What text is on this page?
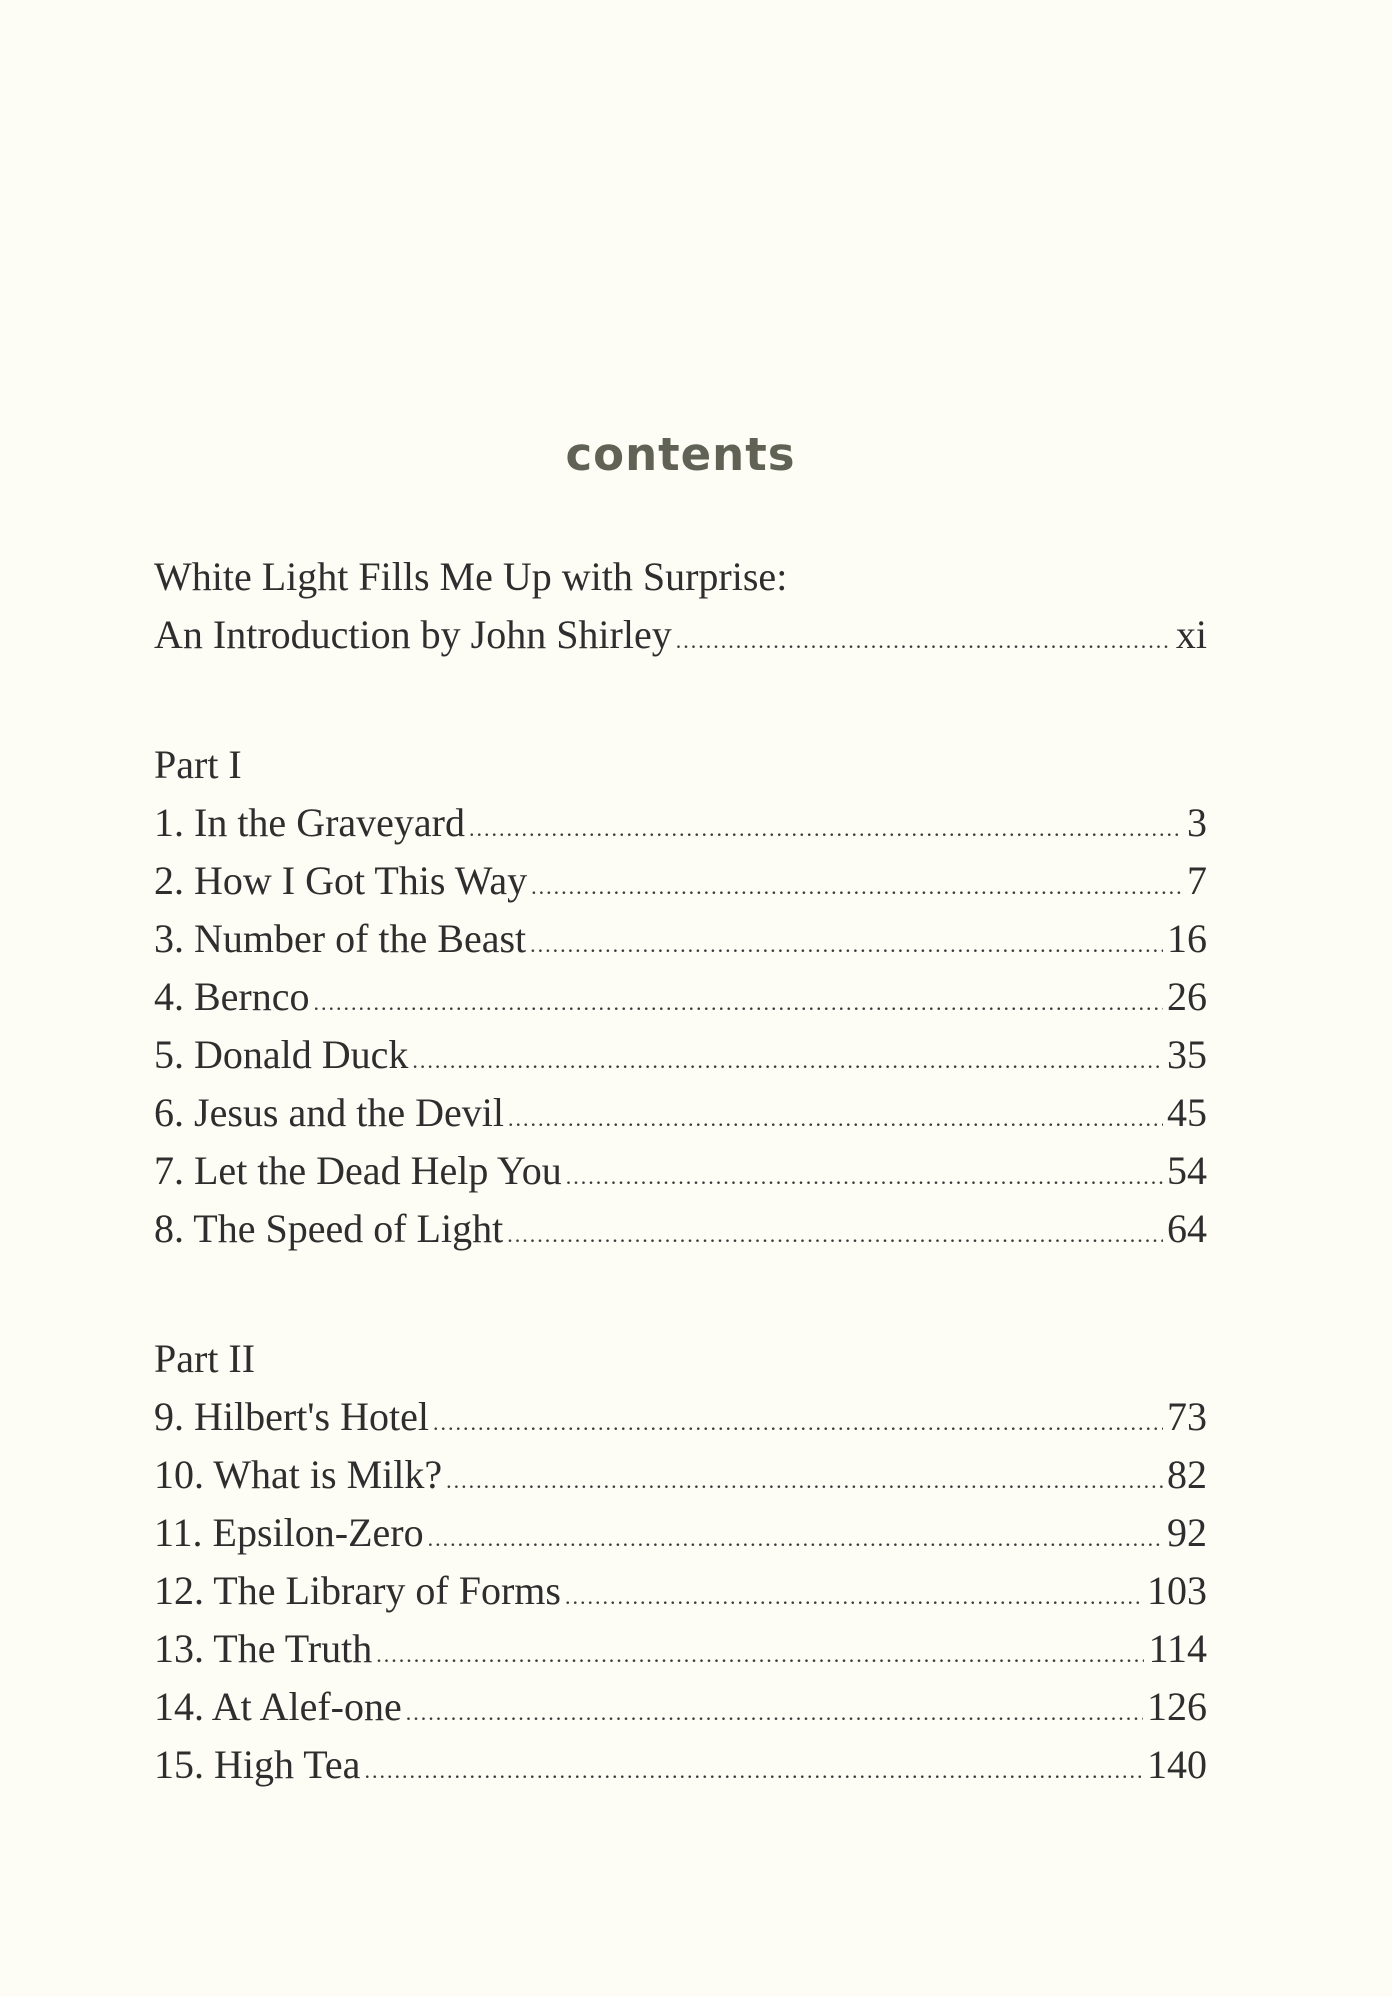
contents
White Light Fills Me Up with Surprise:
An Introduction by John Shirley .....	xi
Part I
1. In the Graveyard .....	3
2. How I Got This Way .....	7
3. Number of the Beast .....	16
4. Bernco .....	26
5. Donald Duck .....	35
6. Jesus and the Devil .....	45
7. Let the Dead Help You .....	54
8. The Speed of Light .....	64
Part II
9. Hilbert's Hotel .....	73
10. What is Milk? .....	82
11. Epsilon-Zero .....	92
12. The Library of Forms .....	103
13. The Truth .....	114
14. At Alef-one .....	126
15. High Tea .....	140
